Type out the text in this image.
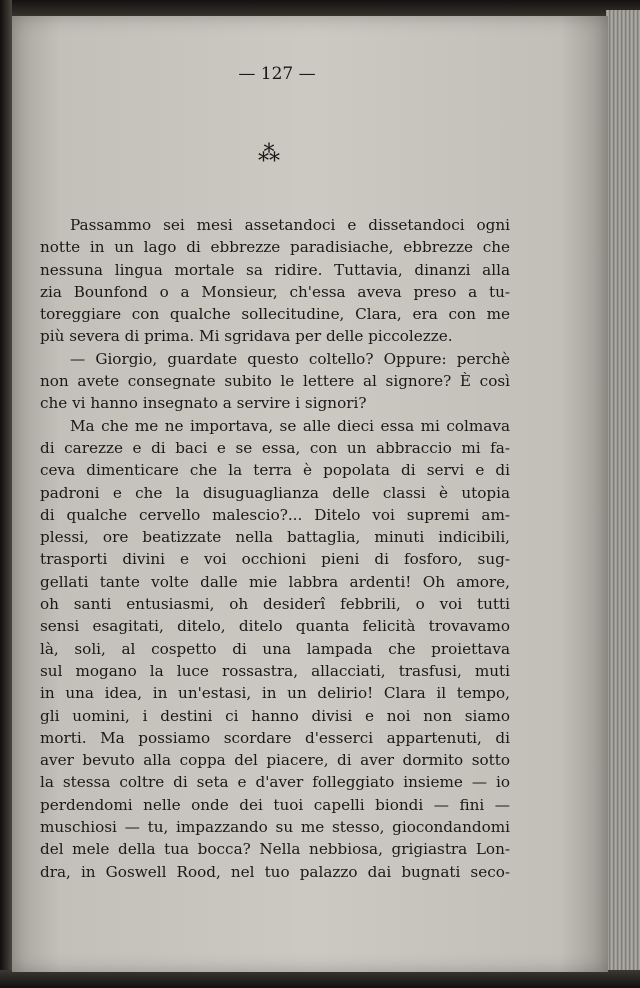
— 127 —
⁂
Passammo sei mesi assetandoci e dissetandoci ogni
notte in un lago di ebbrezze paradisiache, ebbrezze che
nessuna lingua mortale sa ridire. Tuttavia, dinanzi alla
zia Bounfond o a Monsieur, ch'essa aveva preso a tu-
toreggiare con qualche sollecitudine, Clara, era con me
più severa di prima. Mi sgridava per delle piccolezze.
— Giorgio, guardate questo coltello? Oppure: perchè
non avete consegnate subito le lettere al signore? È così
che vi hanno insegnato a servire i signori?
Ma che me ne importava, se alle dieci essa mi colmava
di carezze e di baci e se essa, con un abbraccio mi fa-
ceva dimenticare che la terra è popolata di servi e di
padroni e che la disuguaglianza delle classi è utopia
di qualche cervello malescio?... Ditelo voi supremi am-
plessi, ore beatizzate nella battaglia, minuti indicibili,
trasporti divini e voi occhioni pieni di fosforo, sug-
gellati tante volte dalle mie labbra ardenti! Oh amore,
oh santi entusiasmi, oh desiderî febbrili, o voi tutti
sensi esagitati, ditelo, ditelo quanta felicità trovavamo
là, soli, al cospetto di una lampada che proiettava
sul mogano la luce rossastra, allacciati, trasfusi, muti
in una idea, in un'estasi, in un delirio! Clara il tempo,
gli uomini, i destini ci hanno divisi e noi non siamo
morti. Ma possiamo scordare d'esserci appartenuti, di
aver bevuto alla coppa del piacere, di aver dormito sotto
la stessa coltre di seta e d'aver folleggiato insieme — io
perdendomi nelle onde dei tuoi capelli biondi — fini —
muschiosi — tu, impazzando su me stesso, giocondandomi
del mele della tua bocca? Nella nebbiosa, grigiastra Lon-
dra, in Goswell Rood, nel tuo palazzo dai bugnati seco-
